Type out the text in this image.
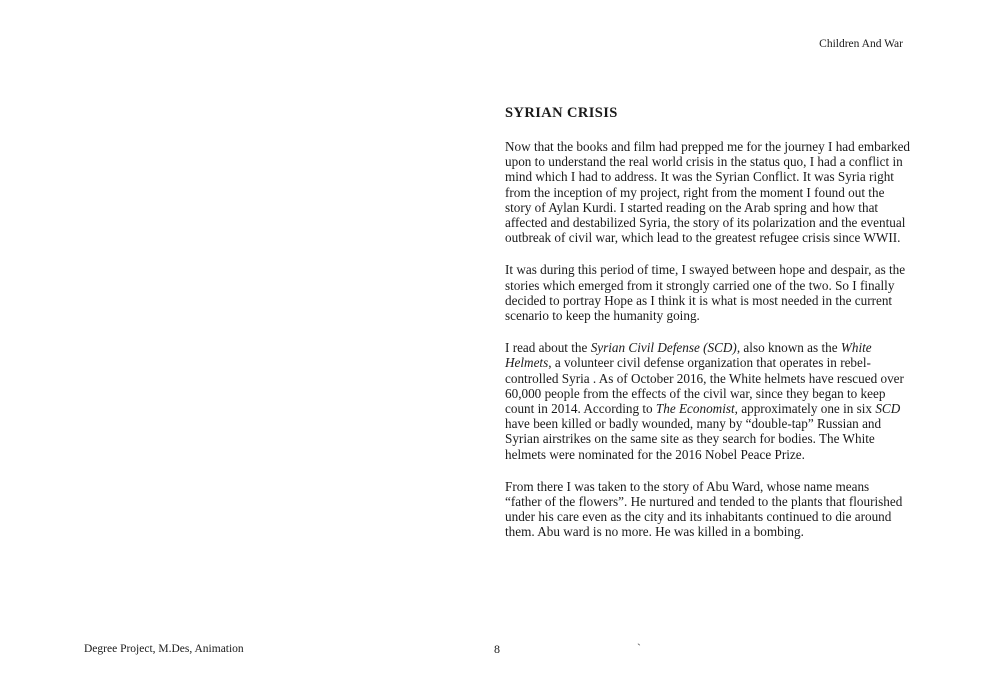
Children And War
SYRIAN CRISIS
Now that the books and film had prepped me for the journey I had embarked
upon to understand the real world crisis in the status quo, I had a conflict in
mind which I had to address. It was the Syrian Conflict. It was Syria right
from the inception of my project, right from the moment I found out the
story of Aylan Kurdi. I started reading on the Arab spring and how that
affected and destabilized Syria, the story of its polarization and the eventual
outbreak of civil war, which lead to the greatest refugee crisis since WWII.
It was during this period of time, I swayed between hope and despair, as the
stories which emerged from it strongly carried one of the two. So I finally
decided to portray Hope as I think it is what is most needed in the current
scenario to keep the humanity going.
I read about the Syrian Civil Defense (SCD), also known as the White
Helmets, a volunteer civil defense organization that operates in rebel-
controlled Syria . As of October 2016, the White helmets have rescued over
60,000 people from the effects of the civil war, since they began to keep
count in 2014. According to The Economist, approximately one in six SCD
have been killed or badly wounded, many by “double-tap” Russian and
Syrian airstrikes on the same site as they search for bodies. The White
helmets were nominated for the 2016 Nobel Peace Prize.
From there I was taken to the story of Abu Ward, whose name means
“father of the flowers”. He nurtured and tended to the plants that flourished
under his care even as the city and its inhabitants continued to die around
them. Abu ward is no more. He was killed in a bombing.
Degree Project, M.Des, Animation	8	`
